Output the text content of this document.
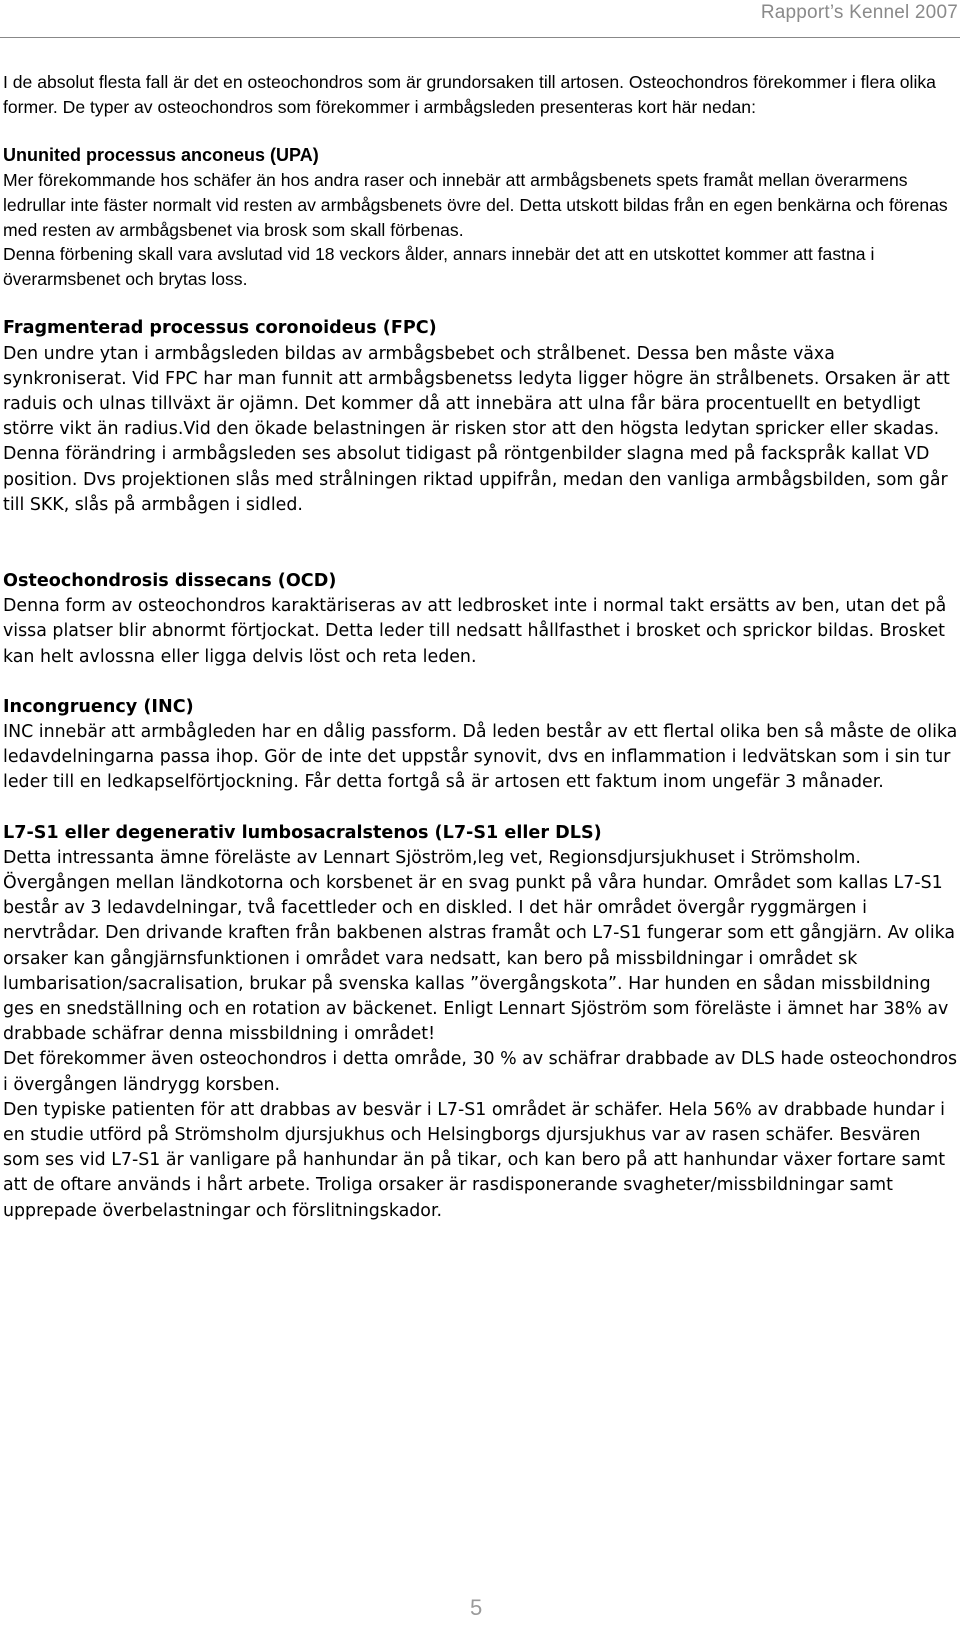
Rapport’s Kennel 2007

I de absolut flesta fall är det en osteochondros som är grundorsaken till artosen. Osteochondros förekommer i flera olika former. De typer av osteochondros som förekommer i armbågsleden presenteras kort här nedan:

Ununited processus anconeus (UPA)

Mer förekommande hos schäfer än hos andra raser och innebär att armbågsbenets spets framåt mellan överarmens ledrullar inte fäster normalt vid resten av armbågsbenets övre del. Detta utskott bildas från en egen benkärna och förenas med resten av armbågsbenet via brosk som skall förbenas.

Denna förbening skall vara avslutad vid 18 veckors ålder, annars innebär det att en utskottet kommer att fastna i överarmsbenet och brytas loss.

Fragmenterad processus coronoideus (FPC)

Den undre ytan i armbågsleden bildas av armbågsbebet och strålbenet. Dessa ben måste växa synkroniserat. Vid FPC har man funnit att armbågsbenetss ledyta ligger högre än strålbenets. Orsaken är att raduis och ulnas tillväxt är ojämn. Det kommer då att innebära att ulna får bära procentuellt en betydligt större vikt än radius.Vid den ökade belastningen är risken stor att den högsta ledytan spricker eller skadas.

Denna förändring i armbågsleden ses absolut tidigast på röntgenbilder slagna med på fackspråk kallat VD position. Dvs projektionen slås med strålningen riktad uppifrån, medan den vanliga armbågsbilden, som går till SKK, slås på armbågen i sidled.

Osteochondrosis dissecans (OCD)

Denna form av osteochondros karaktäriseras av att ledbrosket inte i normal takt ersätts av ben, utan det på vissa platser blir abnormt förtjockat. Detta leder till nedsatt hållfasthet i brosket och sprickor bildas. Brosket kan helt avlossna eller ligga delvis löst och reta leden.

Incongruency (INC)

INC innebär att armbågleden har en dålig passform. Då leden består av ett flertal olika ben så måste de olika ledavdelningarna passa ihop. Gör de inte det uppstår synovit, dvs en inflammation i ledvätskan som i sin tur leder till en ledkapselförtjockning. Får detta fortgå så är artosen ett faktum inom ungefär 3 månader.

L7-S1 eller degenerativ lumbosacralstenos (L7-S1 eller DLS)

Detta intressanta ämne föreläste av Lennart Sjöström,leg vet, Regionsdjursjukhuset i Strömsholm.

Övergången mellan ländkotorna och korsbenet är en svag punkt på våra hundar. Området som kallas L7-S1 består av 3 ledavdelningar, två facettleder och en diskled. I det här området övergår ryggmärgen i nervtrådar. Den drivande kraften från bakbenen alstras framåt och L7-S1 fungerar som ett gångjärn. Av olika orsaker kan gångjärnsfunktionen i området vara nedsatt, kan bero på missbildningar i området sk lumbarisation/sacralisation, brukar på svenska kallas ”övergångskota”. Har hunden en sådan missbildning ges en snedställning och en rotation av bäckenet. Enligt Lennart Sjöström som föreläste i ämnet har 38% av drabbade schäfrar denna missbildning i området!

Det förekommer även osteochondros i detta område, 30 % av schäfrar drabbade av DLS hade osteochondros i övergången ländrygg korsben.

Den typiske patienten för att drabbas av besvär i L7-S1 området är schäfer. Hela 56% av drabbade hundar i en studie utförd på Strömsholm djursjukhus och Helsingborgs djursjukhus var av rasen schäfer. Besvären som ses vid L7-S1 är vanligare på hanhundar än på tikar, och kan bero på att hanhundar växer fortare samt att de oftare används i hårt arbete. Troliga orsaker är rasdisponerande svagheter/missbildningar samt upprepade överbelastningar och förslitningskador.

5
